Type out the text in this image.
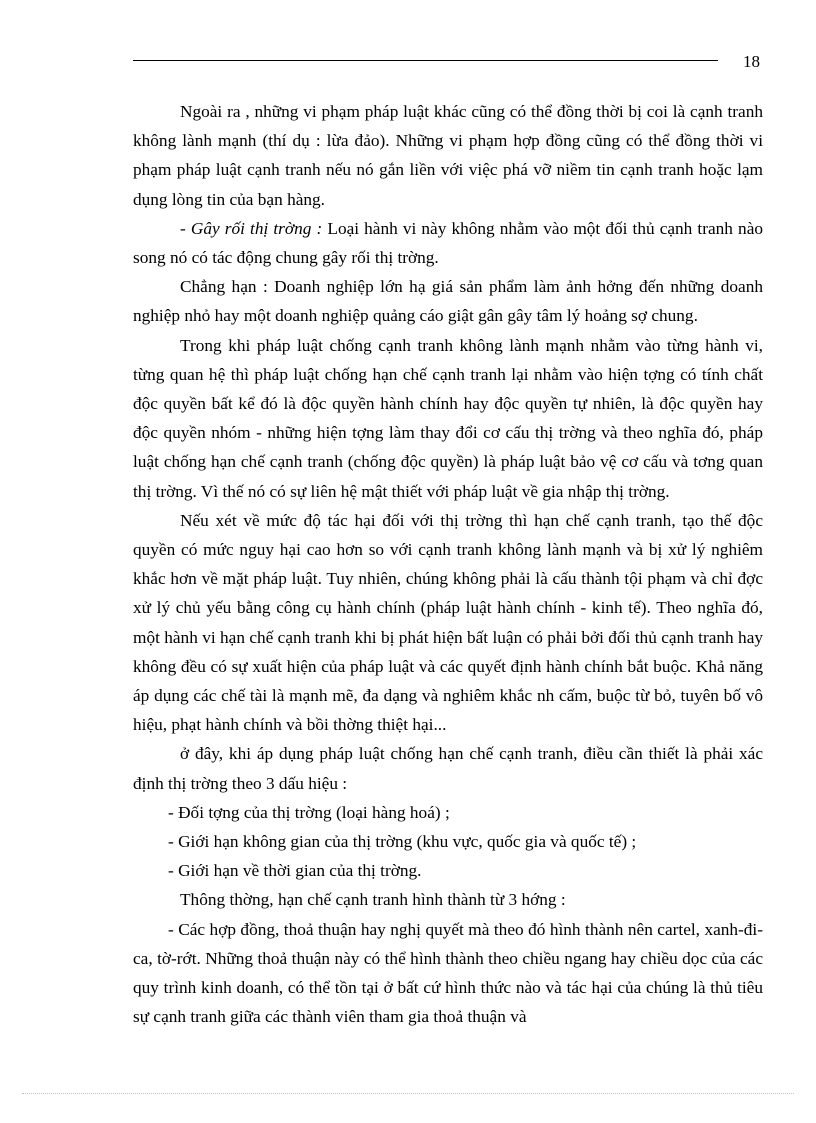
18

Ngoài ra , những vi phạm pháp luật khác cũng có thể đồng thời bị coi là cạnh tranh không lành mạnh (thí dụ : lừa đảo). Những vi phạm hợp đồng cũng có thể đồng thời vi phạm pháp luật cạnh tranh nếu nó gắn liền với việc phá vỡ niềm tin cạnh tranh hoặc lạm dụng lòng tin của bạn hàng.

- Gây rối thị trờng : Loại hành vi này không nhằm vào một đối thủ cạnh tranh nào song nó có tác động chung gây rối thị trờng.

Chẳng hạn : Doanh nghiệp lớn hạ giá sản phẩm làm ảnh hởng đến những doanh nghiệp nhỏ hay một doanh nghiệp quảng cáo giật gân gây tâm lý hoảng sợ chung.

Trong khi pháp luật chống cạnh tranh không lành mạnh nhằm vào từng hành vi, từng quan hệ thì pháp luật chống hạn chế cạnh tranh lại nhằm vào hiện tợng có tính chất độc quyền bất kể đó là độc quyền hành chính hay độc quyền tự nhiên, là độc quyền hay độc quyền nhóm - những hiện tợng làm thay đổi cơ cấu thị trờng và theo nghĩa đó, pháp luật chống hạn chế cạnh tranh (chống độc quyền) là pháp luật bảo vệ cơ cấu và tơng quan thị trờng. Vì thế nó có sự liên hệ mật thiết với pháp luật về gia nhập thị trờng.

Nếu xét về mức độ tác hại đối với thị trờng thì hạn chế cạnh tranh, tạo thế độc quyền có mức nguy hại cao hơn so với cạnh tranh không lành mạnh và bị xử lý nghiêm khắc hơn về mặt pháp luật. Tuy nhiên, chúng không phải là cấu thành tội phạm và chỉ đợc xử lý chủ yếu bằng công cụ hành chính (pháp luật hành chính - kinh tế). Theo nghĩa đó, một hành vi hạn chế cạnh tranh khi bị phát hiện bất luận có phải bởi đối thủ cạnh tranh hay không đều có sự xuất hiện của pháp luật và các quyết định hành chính bắt buộc. Khả năng áp dụng các chế tài là mạnh mẽ, đa dạng và nghiêm khắc nh cấm, buộc từ bỏ, tuyên bố vô hiệu, phạt hành chính và bồi thờng thiệt hại...

ở đây, khi áp dụng pháp luật chống hạn chế cạnh tranh, điều cần thiết là phải xác định thị trờng theo 3 dấu hiệu :

- Đối tợng của thị trờng (loại hàng hoá) ;

- Giới hạn không gian của thị trờng (khu vực, quốc gia và quốc tế) ;

- Giới hạn về thời gian của thị trờng.

Thông thờng, hạn chế cạnh tranh hình thành từ 3 hớng :

- Các hợp đồng, thoả thuận hay nghị quyết mà theo đó hình thành nên cartel, xanh-đi-ca, tờ-rớt. Những thoả thuận này có thể hình thành theo chiều ngang hay chiều dọc của các quy trình kinh doanh, có thể tồn tại ở bất cứ hình thức nào và tác hại của chúng là thủ tiêu sự cạnh tranh giữa các thành viên tham gia thoả thuận và
